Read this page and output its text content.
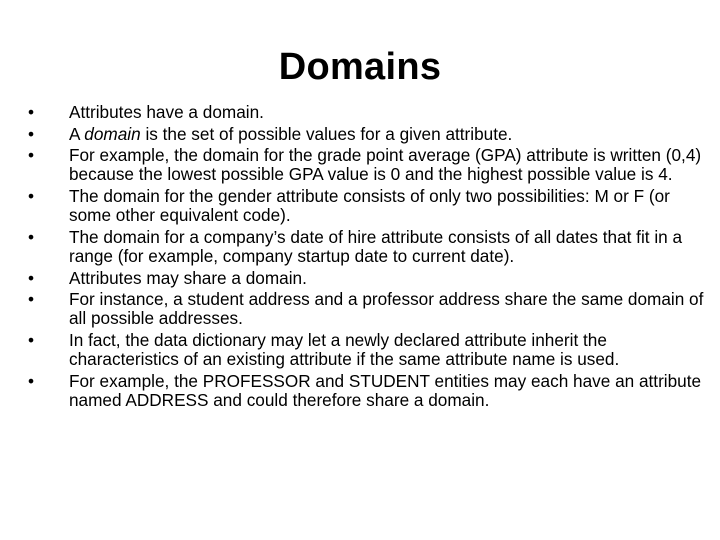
Domains
•	Attributes have a domain.
•	A domain is the set of possible values for a given attribute.
•	For example, the domain for the grade point average (GPA) attribute is written (0,4) because the lowest possible GPA value is 0 and the highest possible value is 4.
•	The domain for the gender attribute consists of only two possibilities: M or F (or some other equivalent code).
•	The domain for a company’s date of hire attribute consists of all dates that fit in a range (for example, company startup date to current date).
•	Attributes may share a domain.
•	For instance, a student address and a professor address share the same domain of all possible addresses.
•	In fact, the data dictionary may let a newly declared attribute inherit the characteristics of an existing attribute if the same attribute name is used.
•	For example, the PROFESSOR and STUDENT entities may each have an attribute named ADDRESS and could therefore share a domain.
